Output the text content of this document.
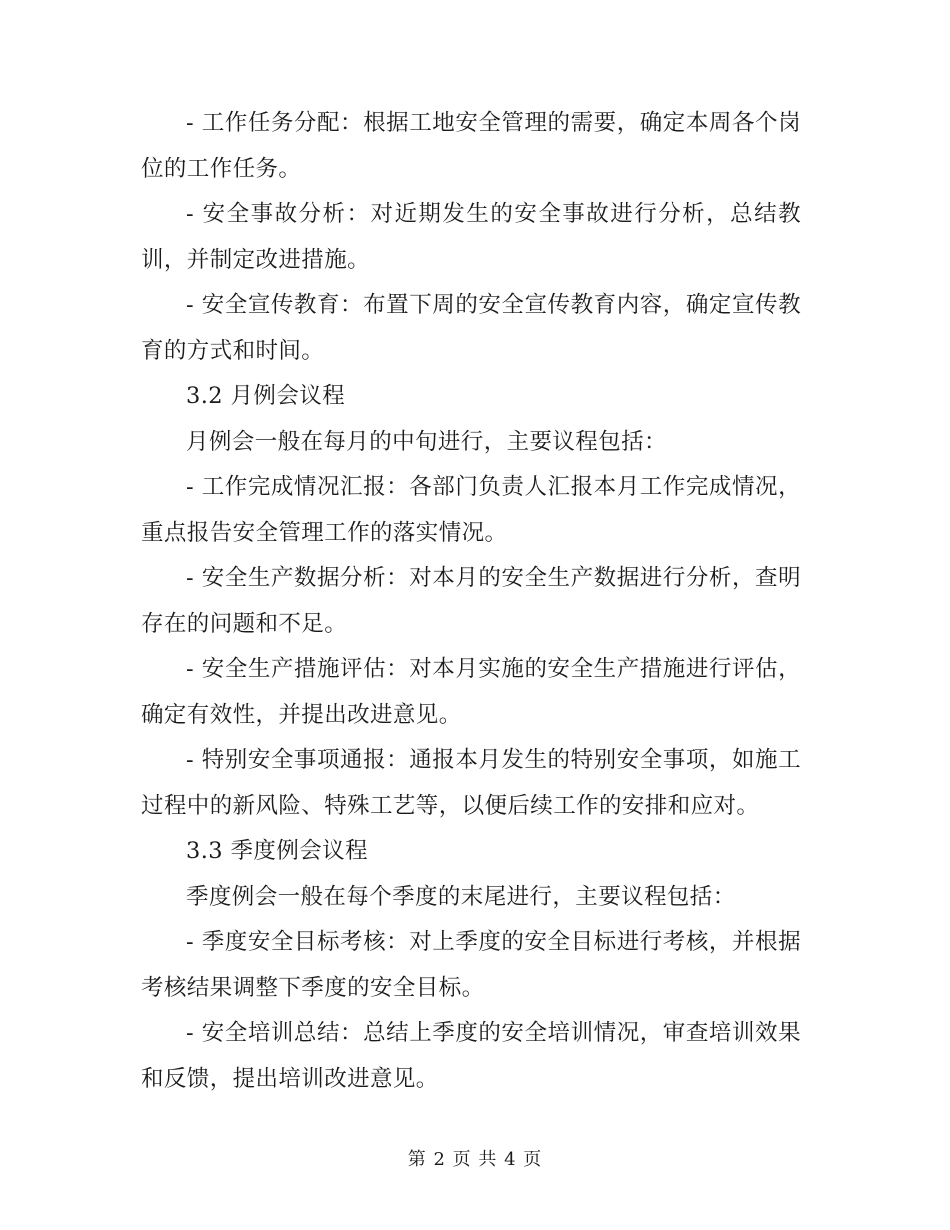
- 工作任务分配：根据工地安全管理的需要，确定本周各个岗位的工作任务。

- 安全事故分析：对近期发生的安全事故进行分析，总结教训，并制定改进措施。

- 安全宣传教育：布置下周的安全宣传教育内容，确定宣传教育的方式和时间。

3.2 月例会议程

月例会一般在每月的中旬进行，主要议程包括：

- 工作完成情况汇报：各部门负责人汇报本月工作完成情况，重点报告安全管理工作的落实情况。

- 安全生产数据分析：对本月的安全生产数据进行分析，查明存在的问题和不足。

- 安全生产措施评估：对本月实施的安全生产措施进行评估，确定有效性，并提出改进意见。

- 特别安全事项通报：通报本月发生的特别安全事项，如施工过程中的新风险、特殊工艺等，以便后续工作的安排和应对。

3.3 季度例会议程

季度例会一般在每个季度的末尾进行，主要议程包括：

- 季度安全目标考核：对上季度的安全目标进行考核，并根据考核结果调整下季度的安全目标。

- 安全培训总结：总结上季度的安全培训情况，审查培训效果和反馈，提出培训改进意见。

第 2 页 共 4 页
